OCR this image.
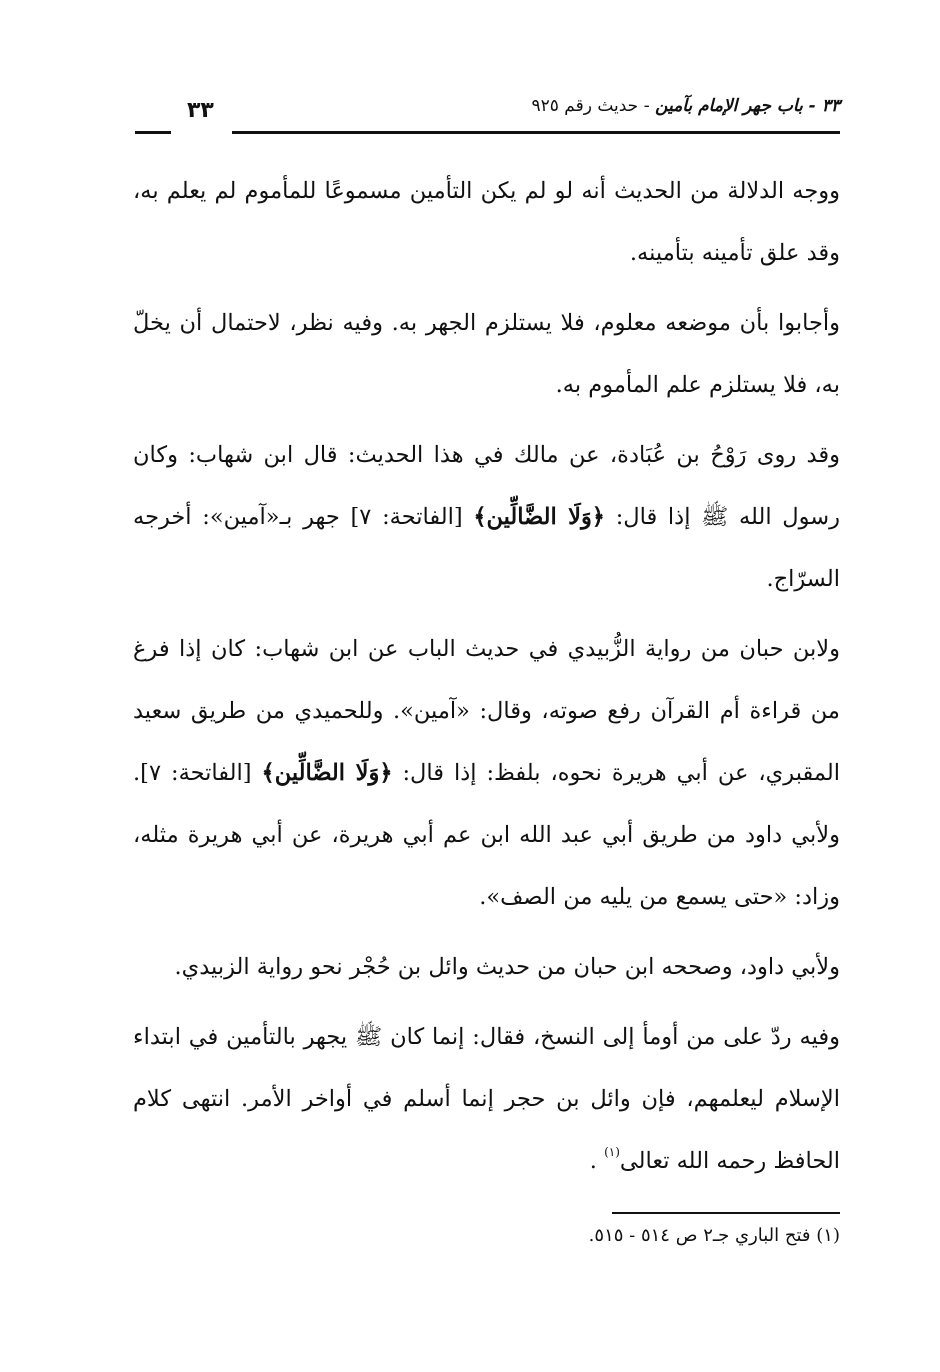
٣٣	٣٣ - باب جهر الإمام بآمين - حديث رقم ٩٢٥

ووجه الدلالة من الحديث أنه لو لم يكن التأمين مسموعًا للمأموم لم يعلم به، وقد علق تأمينه بتأمينه.

وأجابوا بأن موضعه معلوم، فلا يستلزم الجهر به. وفيه نظر، لاحتمال أن يخلّ به، فلا يستلزم علم المأموم به.

وقد روى رَوْحُ بن عُبَادة، عن مالك في هذا الحديث: قال ابن شهاب: وكان رسول الله ﷺ إذا قال: ﴿وَلَا الضَّالِّين﴾ [الفاتحة: ٧] جهر بـ«آمين»: أخرجه السرّاج.

ولابن حبان من رواية الزُّبيدي في حديث الباب عن ابن شهاب: كان إذا فرغ من قراءة أم القرآن رفع صوته، وقال: «آمين». وللحميدي من طريق سعيد المقبري، عن أبي هريرة نحوه، بلفظ: إذا قال: ﴿وَلَا الضَّالِّين﴾ [الفاتحة: ٧]. ولأبي داود من طريق أبي عبد الله ابن عم أبي هريرة، عن أبي هريرة مثله، وزاد: «حتى يسمع من يليه من الصف».

ولأبي داود، وصححه ابن حبان من حديث وائل بن حُجْر نحو رواية الزبيدي.

وفيه ردّ على من أومأ إلى النسخ، فقال: إنما كان ﷺ يجهر بالتأمين في ابتداء الإسلام ليعلمهم، فإن وائل بن حجر إنما أسلم في أواخر الأمر. انتهى كلام الحافظ رحمه الله تعالى$^{(١)}$ .

(١) فتح الباري جـ٢ ص ٥١٤ - ٥١٥.
